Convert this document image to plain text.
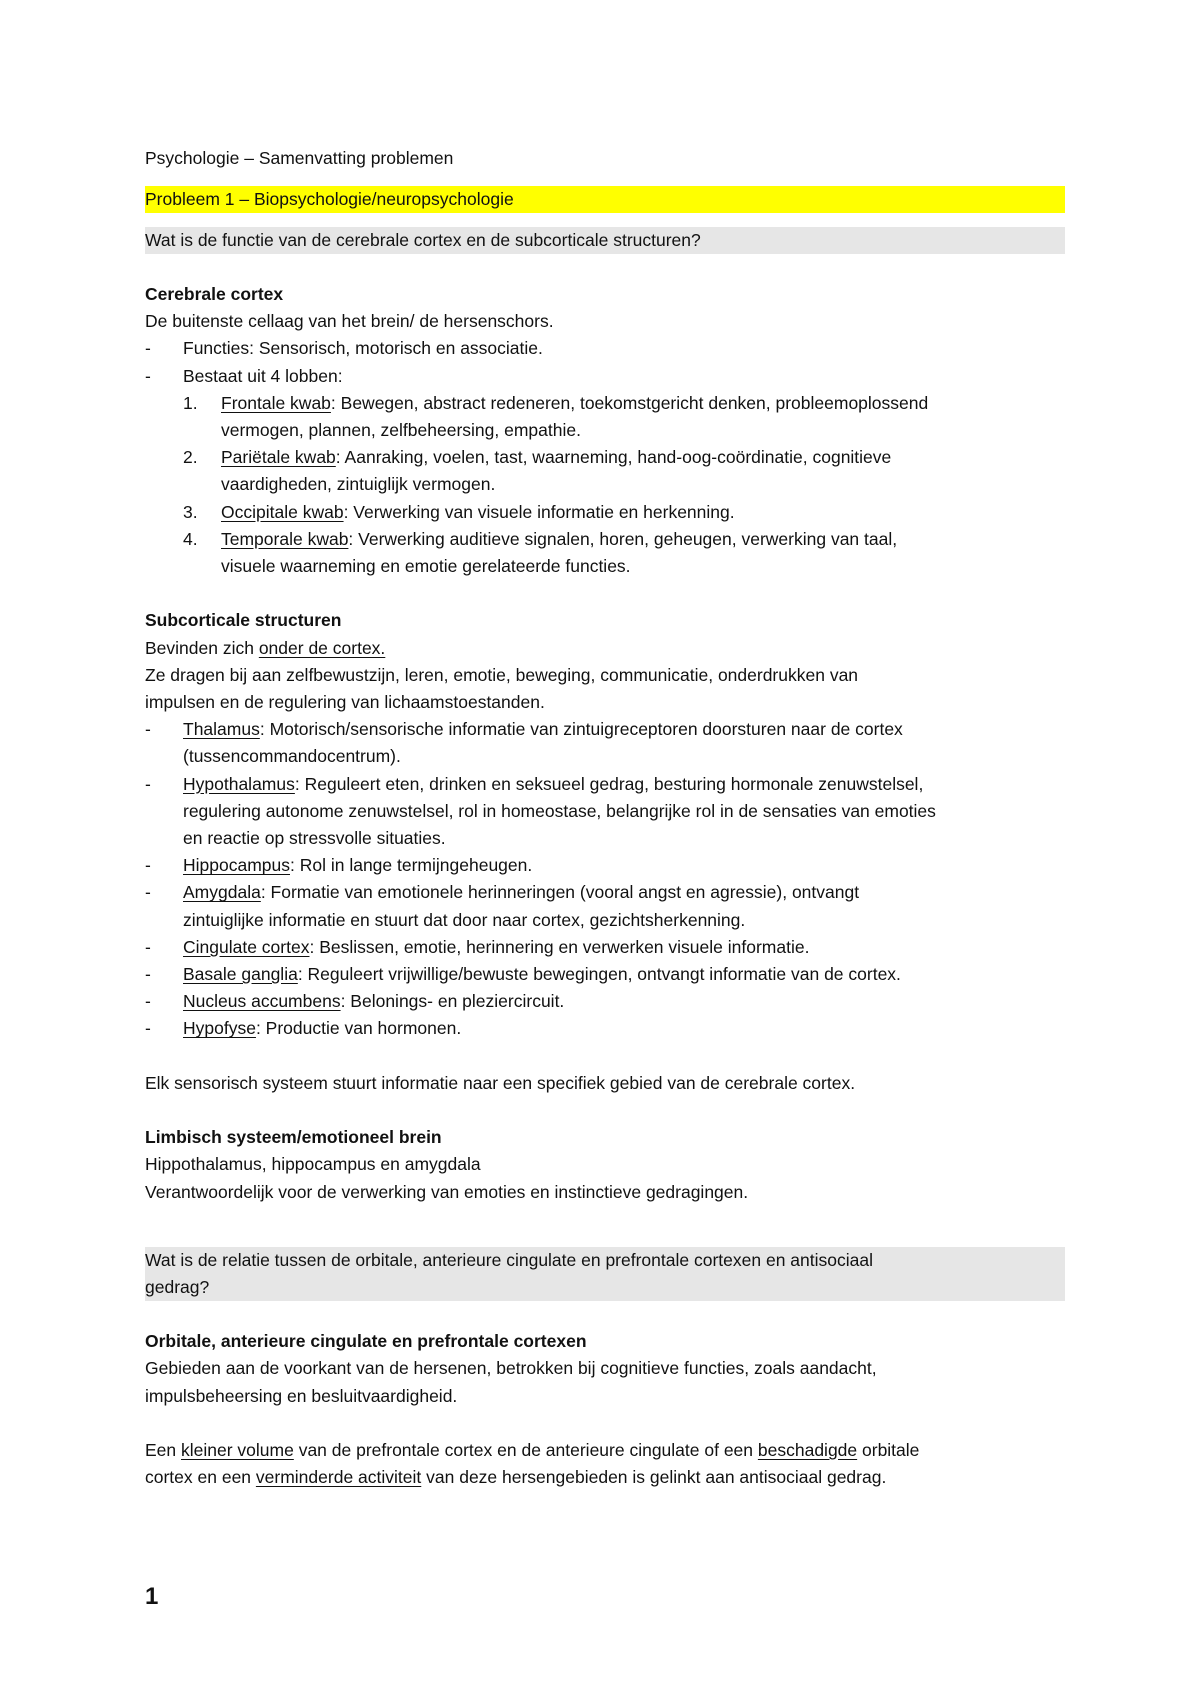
Psychologie – Samenvatting problemen
Probleem 1 – Biopsychologie/neuropsychologie
Wat is de functie van de cerebrale cortex en de subcorticale structuren?
Cerebrale cortex
De buitenste cellaag van het brein/ de hersenschors.
-	Functies: Sensorisch, motorisch en associatie.
-	Bestaat uit 4 lobben:
1.	Frontale kwab: Bewegen, abstract redeneren, toekomstgericht denken, probleemoplossend
vermogen, plannen, zelfbeheersing, empathie.
2.	Pariëtale kwab: Aanraking, voelen, tast, waarneming, hand-oog-coördinatie, cognitieve
vaardigheden, zintuiglijk vermogen.
3.	Occipitale kwab: Verwerking van visuele informatie en herkenning.
4.	Temporale kwab: Verwerking auditieve signalen, horen, geheugen, verwerking van taal,
visuele waarneming en emotie gerelateerde functies.
Subcorticale structuren
Bevinden zich onder de cortex.
Ze dragen bij aan zelfbewustzijn, leren, emotie, beweging, communicatie, onderdrukken van
impulsen en de regulering van lichaamstoestanden.
-	Thalamus: Motorisch/sensorische informatie van zintuigreceptoren doorsturen naar de cortex
(tussencommandocentrum).
-	Hypothalamus: Reguleert eten, drinken en seksueel gedrag, besturing hormonale zenuwstelsel,
regulering autonome zenuwstelsel, rol in homeostase, belangrijke rol in de sensaties van emoties
en reactie op stressvolle situaties.
-	Hippocampus: Rol in lange termijngeheugen.
-	Amygdala: Formatie van emotionele herinneringen (vooral angst en agressie), ontvangt
zintuiglijke informatie en stuurt dat door naar cortex, gezichtsherkenning.
-	Cingulate cortex: Beslissen, emotie, herinnering en verwerken visuele informatie.
-	Basale ganglia: Reguleert vrijwillige/bewuste bewegingen, ontvangt informatie van de cortex.
-	Nucleus accumbens: Belonings- en pleziercircuit.
-	Hypofyse: Productie van hormonen.
Elk sensorisch systeem stuurt informatie naar een specifiek gebied van de cerebrale cortex.
Limbisch systeem/emotioneel brein
Hippothalamus, hippocampus en amygdala
Verantwoordelijk voor de verwerking van emoties en instinctieve gedragingen.
Wat is de relatie tussen de orbitale, anterieure cingulate en prefrontale cortexen en antisociaal
gedrag?
Orbitale, anterieure cingulate en prefrontale cortexen
Gebieden aan de voorkant van de hersenen, betrokken bij cognitieve functies, zoals aandacht,
impulsbeheersing en besluitvaardigheid.
Een kleiner volume van de prefrontale cortex en de anterieure cingulate of een beschadigde orbitale
cortex en een verminderde activiteit van deze hersengebieden is gelinkt aan antisociaal gedrag.
1
